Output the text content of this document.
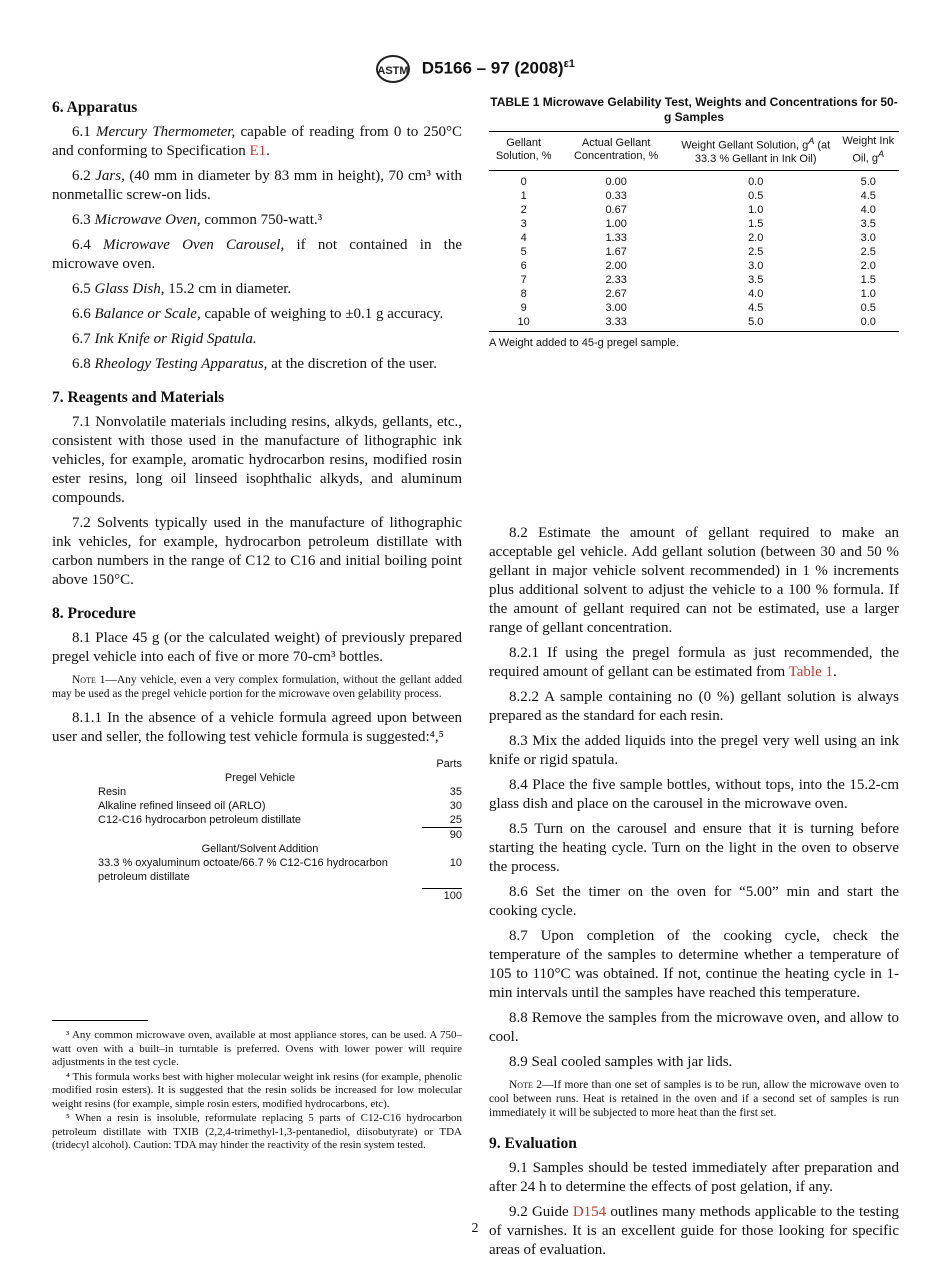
ASTM D5166 – 97 $(2008)^{\varepsilon 1}$
6. Apparatus

6.1 Mercury Thermometer, capable of reading from 0 to 250°C and conforming to Specification E1.

6.2 Jars, (40 mm in diameter by 83 mm in height), 70 cm³ with nonmetallic screw-on lids.

6.3 Microwave Oven, common 750-watt.³

6.4 Microwave Oven Carousel, if not contained in the microwave oven.

6.5 Glass Dish, 15.2 cm in diameter.

6.6 Balance or Scale, capable of weighing to ±0.1 g accuracy.

6.7 Ink Knife or Rigid Spatula.

6.8 Rheology Testing Apparatus, at the discretion of the user.

7. Reagents and Materials

7.1 Nonvolatile materials including resins, alkyds, gellants, etc., consistent with those used in the manufacture of lithographic ink vehicles, for example, aromatic hydrocarbon resins, modified rosin ester resins, long oil linseed isophthalic alkyds, and aluminum compounds.

7.2 Solvents typically used in the manufacture of lithographic ink vehicles, for example, hydrocarbon petroleum distillate with carbon numbers in the range of C12 to C16 and initial boiling point above 150°C.

8. Procedure

8.1 Place 45 g (or the calculated weight) of previously prepared pregel vehicle into each of five or more 70-cm³ bottles.

Note 1—Any vehicle, even a very complex formulation, without the gellant added may be used as the pregel vehicle portion for the microwave oven gelability process.

8.1.1 In the absence of a vehicle formula agreed upon between user and seller, the following test vehicle formula is suggested:⁴,⁵

Parts
Pregel Vehicle
Resin	35
Alkaline refined linseed oil (ARLO)	30
C12-C16 hydrocarbon petroleum distillate	25
90
Gellant/Solvent Addition
33.3 % oxyaluminum octoate/66.7 % C12-C16 hydrocarbon petroleum distillate
10
100
TABLE 1 Microwave Gelability Test, Weights and Concentrations for 50-g Samples
Gellant Solution, %	Actual Gellant Concentration, %	Weight Gellant Solution, $g^A$ (at 33.3 % Gellant in Ink Oil)	Weight Ink Oil, $g^A$
0	0.00	0.0	5.0
1	0.33	0.5	4.5
2	0.67	1.0	4.0
3	1.00	1.5	3.5
4	1.33	2.0	3.0
5	1.67	2.5	2.5
6	2.00	3.0	2.0
7	2.33	3.5	1.5
8	2.67	4.0	1.0
9	3.00	4.5	0.5
10	3.33	5.0	0.0
A Weight added to 45-g pregel sample.

8.2 Estimate the amount of gellant required to make an acceptable gel vehicle. Add gellant solution (between 30 and 50 % gellant in major vehicle solvent recommended) in 1 % increments plus additional solvent to adjust the vehicle to a 100 % formula. If the amount of gellant required can not be estimated, use a larger range of gellant concentration.

8.2.1 If using the pregel formula as just recommended, the required amount of gellant can be estimated from Table 1.

8.2.2 A sample containing no (0 %) gellant solution is always prepared as the standard for each resin.

8.3 Mix the added liquids into the pregel very well using an ink knife or rigid spatula.

8.4 Place the five sample bottles, without tops, into the 15.2-cm glass dish and place on the carousel in the microwave oven.

8.5 Turn on the carousel and ensure that it is turning before starting the heating cycle. Turn on the light in the oven to observe the process.

8.6 Set the timer on the oven for “5.00” min and start the cooking cycle.

8.7 Upon completion of the cooking cycle, check the temperature of the samples to determine whether a temperature of 105 to 110°C was obtained. If not, continue the heating cycle in 1-min intervals until the samples have reached this temperature.

8.8 Remove the samples from the microwave oven, and allow to cool.

8.9 Seal cooled samples with jar lids.

Note 2—If more than one set of samples is to be run, allow the microwave oven to cool between runs. Heat is retained in the oven and if a second set of samples is run immediately it will be subjected to more heat than the first set.
9. Evaluation

9.1 Samples should be tested immediately after preparation and after 24 h to determine the effects of post gelation, if any.

9.2 Guide D154 outlines many methods applicable to the testing of varnishes. It is an excellent guide for those looking for specific areas of evaluation.

³ Any common microwave oven, available at most appliance stores, can be used. A 750–watt oven with a built–in turntable is preferred. Ovens with lower power will require adjustments in the test cycle.

⁴ This formula works best with higher molecular weight ink resins (for example, phenolic modified rosin esters). It is suggested that the resin solids be increased for low molecular weight resins (for example, simple rosin esters, modified hydrocarbons, etc).

⁵ When a resin is insoluble, reformulate replacing 5 parts of C12-C16 hydrocarbon petroleum distillate with TXIB (2,2,4-trimethyl-1,3-pentanediol, diisobutyrate) or TDA (tridecyl alcohol). Caution: TDA may hinder the reactivity of the resin system tested.

2
